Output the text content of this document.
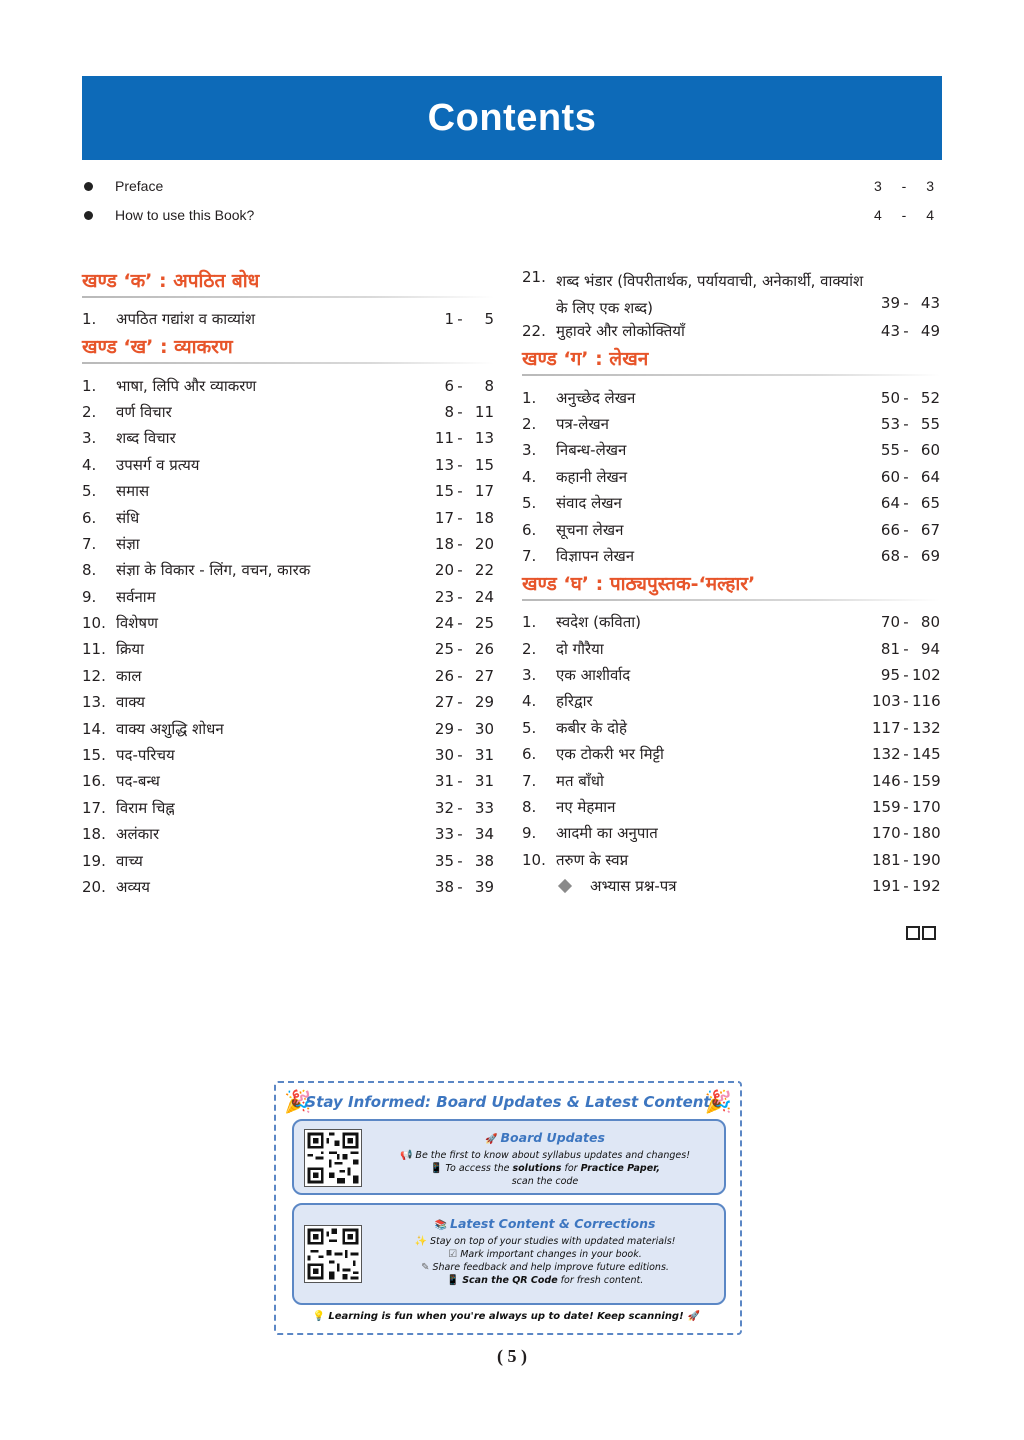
Contents
Preface	3 - 3
How to use this Book?	4 - 4
खण्ड ‘क’ : अपठित बोध
1.	अपठित गद्यांश व काव्यांश	1 -	5
खण्ड ‘ख’ : व्याकरण
1.	भाषा, लिपि और व्याकरण	6 -	8
2.	वर्ण विचार	8 - 11
3.	शब्द विचार	11 - 13
4.	उपसर्ग व प्रत्यय	13 - 15
5.	समास	15 - 17
6.	संधि	17 - 18
7.	संज्ञा	18 - 20
8.	संज्ञा के विकार - लिंग, वचन, कारक	20 - 22
9.	सर्वनाम	23 - 24
10. विशेषण	24 - 25
11. क्रिया	25 - 26
12. काल	26 - 27
13. वाक्य	27 - 29
14. वाक्य अशुद्धि शोधन	29 - 30
15. पद-परिचय	30 - 31
16. पद-बन्ध	31 - 31
17. विराम चिह्न	32 - 33
18. अलंकार	33 - 34
19. वाच्य	35 - 38
20. अव्यय	38 - 39
21. शब्द भंडार (विपरीतार्थक, पर्यायवाची, अनेकार्थी, वाक्यांश के लिए एक शब्द)	39 - 43
22. मुहावरे और लोकोक्तियाँ	43 - 49
खण्ड ‘ग’ : लेखन
1.	अनुच्छेद लेखन	50 - 52
2.	पत्र-लेखन	53 - 55
3.	निबन्ध-लेखन	55 - 60
4.	कहानी लेखन	60 - 64
5.	संवाद लेखन	64 - 65
6.	सूचना लेखन	66 - 67
7.	विज्ञापन लेखन	68 - 69
खण्ड ‘घ’ : पाठ्यपुस्तक-‘मल्हार’
1.	स्वदेश (कविता)	70 - 80
2.	दो गौरैया	81 - 94
3.	एक आशीर्वाद	95 - 102
4.	हरिद्वार	103 - 116
5.	कबीर के दोहे	117 - 132
6.	एक टोकरी भर मिट्टी	132 - 145
7.	मत बाँधो	146 - 159
8.	नए मेहमान	159 - 170
9.	आदमी का अनुपात	170 - 180
10. तरुण के स्वप्न	181 - 190
अभ्यास प्रश्न-पत्र	191 - 192
🎉
Stay Informed: Board Updates & Latest Content
🎉
🚀 Board Updates
📢 Be the first to know about syllabus updates and changes!
📱 To access the solutions for Practice Paper,
scan the code
📚 Latest Content & Corrections
✨ Stay on top of your studies with updated materials!
☑ Mark important changes in your book.
✎ Share feedback and help improve future editions.
📱 Scan the QR Code for fresh content.
💡 Learning is fun when you're always up to date! Keep scanning! 🚀
( 5 )
